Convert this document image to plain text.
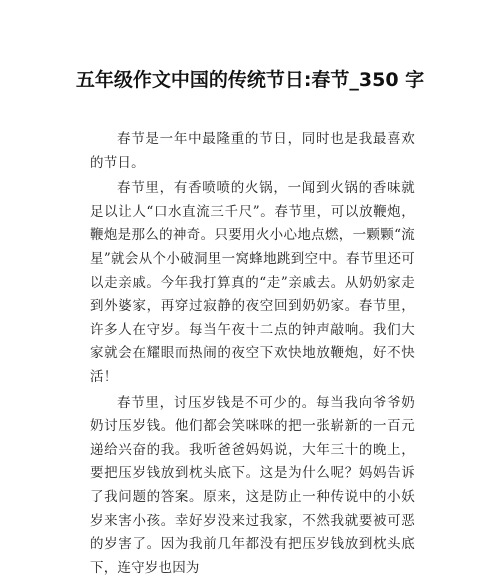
五年级作文中国的传统节日:春节_350 字

春节是一年中最隆重的节日，同时也是我最喜欢的节日。

春节里，有香喷喷的火锅，一闻到火锅的香味就足以让人“口水直流三千尺”。春节里，可以放鞭炮，鞭炮是那么的神奇。只要用火小心地点燃，一颗颗“流星”就会从个小破洞里一窝蜂地跳到空中。春节里还可以走亲戚。今年我打算真的“走”亲戚去。从奶奶家走到外婆家，再穿过寂静的夜空回到奶奶家。春节里，许多人在守岁。每当午夜十二点的钟声敲响。我们大家就会在耀眼而热闹的夜空下欢快地放鞭炮，好不快活！

春节里，讨压岁钱是不可少的。每当我向爷爷奶奶讨压岁钱。他们都会笑咪咪的把一张崭新的一百元递给兴奋的我。我听爸爸妈妈说，大年三十的晚上，要把压岁钱放到枕头底下。这是为什么呢？妈妈告诉了我问题的答案。原来，这是防止一种传说中的小妖岁来害小孩。幸好岁没来过我家，不然我就要被可恶的岁害了。因为我前几年都没有把压岁钱放到枕头底下，连守岁也因为
